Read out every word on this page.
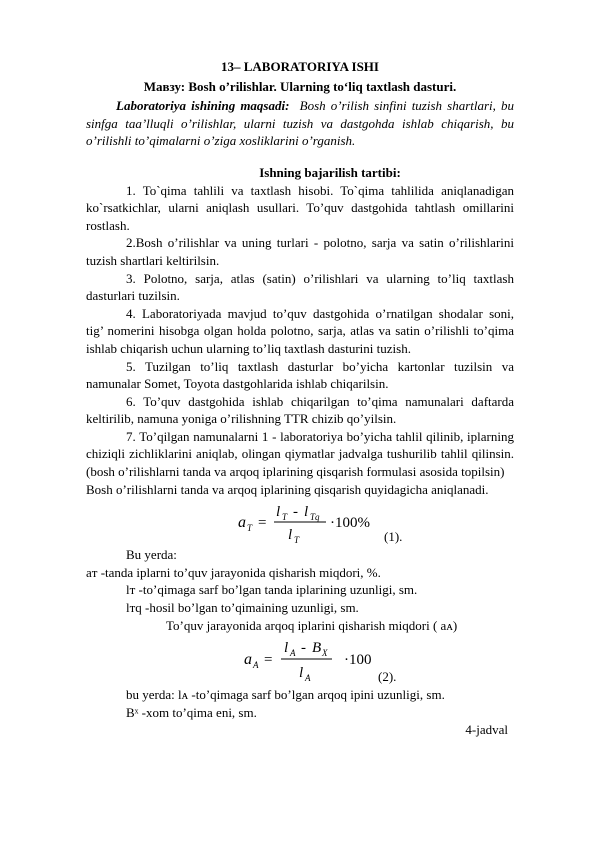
13– LABORATORIYA ISHI

Мавзу: Bosh o’rilishlar. Ularning to‘liq taxtlash dasturi.

Laboratoriya ishining maqsadi: Bosh o’rilish sinfini tuzish shartlari, bu sinfga taa’lluqli o’rilishlar, ularni tuzish va dastgohda ishlab chiqarish, bu o’rilishli to’qimalarni o’ziga xosliklarini o’rganish.

Ishning bajarilish tartibi:

1. To`qima tahlili va taxtlash hisobi. To`qima tahlilida aniqlanadigan ko`rsatkichlar, ularni aniqlash usullari. To’quv dastgohida tahtlash omillarini rostlash.

2.Bosh o’rilishlar va uning turlari - polotno, sarja va satin o’rilishlarini tuzish shartlari keltirilsin.

3. Polotno, sarja, atlas (satin) o’rilishlari va ularning to’liq taxtlash dasturlari tuzilsin.

4. Laboratoriyada mavjud to’quv dastgohida o’rnatilgan shodalar soni, tig’ nomerini hisobga olgan holda polotno, sarja, atlas va satin o’rilishli to’qima ishlab chiqarish uchun ularning to’liq taxtlash dasturini tuzish.

5. Tuzilgan to’liq taxtlash dasturlar bo’yicha kartonlar tuzilsin va namunalar Somet, Toyota dastgohlarida ishlab chiqarilsin.

6. To’quv dastgohida ishlab chiqarilgan to’qima namunalari daftarda keltirilib, namuna yoniga o’rilishning TTR chizib qo’yilsin.

7. To’qilgan namunalarni 1 - laboratoriya bo’yicha tahlil qilinib, iplarning chiziqli zichliklarini aniqlab, olingan qiymatlar jadvalga tushurilib tahlil qilinsin. (bosh o’rilishlarni tanda va arqoq iplarining qisqarish formulasi asosida topilsin)

Bosh o’rilishlarni tanda va arqoq iplarining qisqarish quyidagicha aniqlanadi.

a T =
l T - l Tq
l T
·100%
(1).

Bu yerda:

aᴛ -tanda iplarni to’quv jarayonida qisharish miqdori, %.

lᴛ -to’qimaga sarf bo’lgan tanda iplarining uzunligi, sm.

lᴛq -hosil bo’lgan to’qimaining uzunligi, sm.

To’quv jarayonida arqoq iplarini qisharish miqdori ( aᴀ)

a A =
l A - B X
l A
·100
(2).

bu yerda: lᴀ -to’qimaga sarf bo’lgan arqoq ipini uzunligi, sm.

Bˣ -xom to’qima eni, sm.

4-jadval
